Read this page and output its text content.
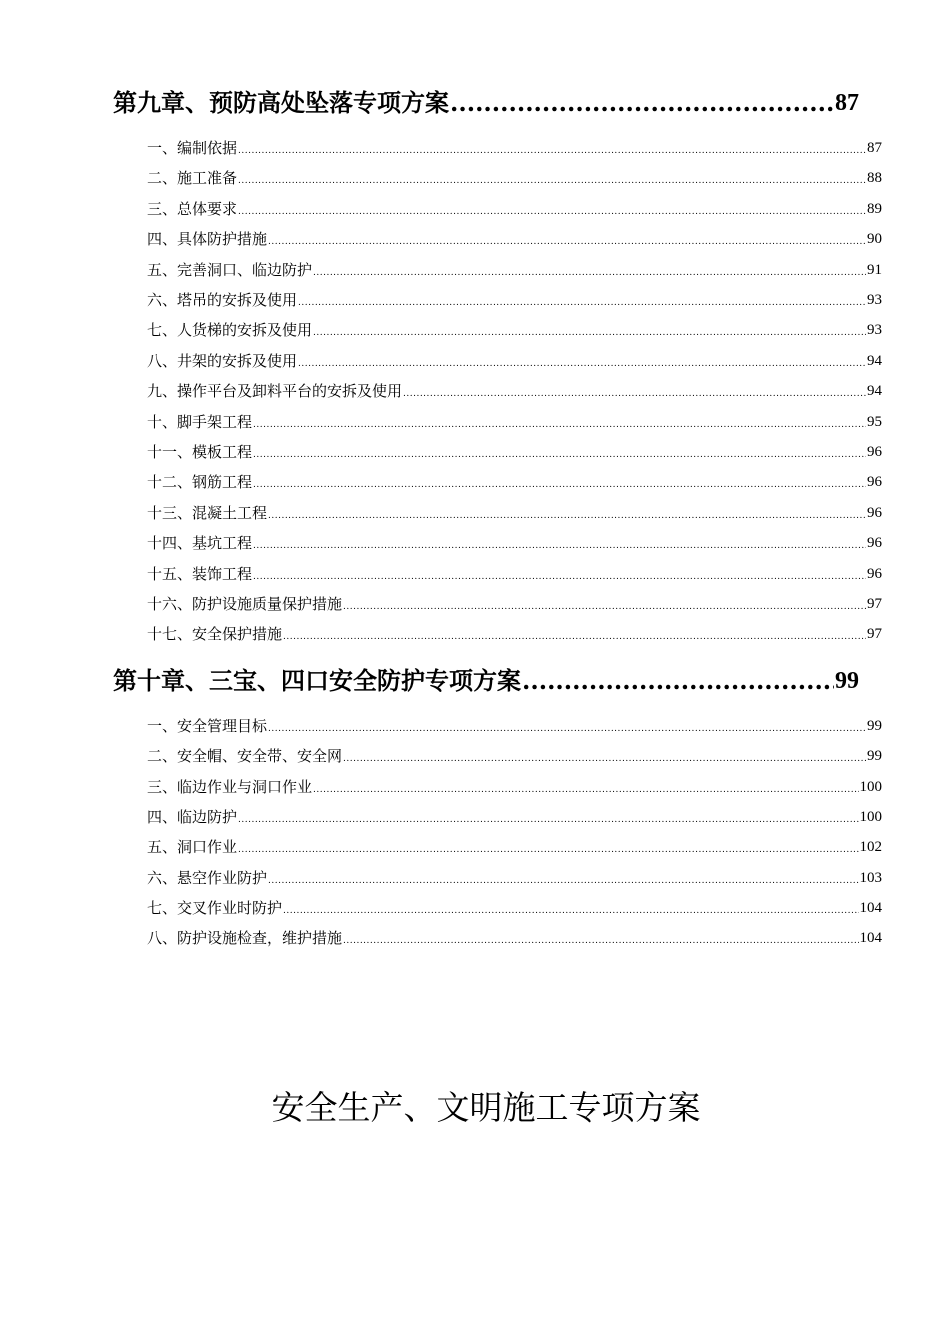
第九章、预防高处坠落专项方案 .....	87
一、编制依据 .....	87
二、施工准备 .....	88
三、总体要求 .....	89
四、具体防护措施 .....	90
五、完善洞口、临边防护 .....	91
六、塔吊的安拆及使用 .....	93
七、人货梯的安拆及使用 .....	93
八、井架的安拆及使用 .....	94
九、操作平台及卸料平台的安拆及使用 .....	94
十、脚手架工程 .....	95
十一、模板工程 .....	96
十二、钢筋工程 .....	96
十三、混凝土工程 .....	96
十四、基坑工程 .....	96
十五、装饰工程 .....	96
十六、防护设施质量保护措施 .....	97
十七、安全保护措施 .....	97
第十章、三宝、四口安全防护专项方案 .....	99
一、安全管理目标 .....	99
二、安全帽、安全带、安全网 .....	99
三、临边作业与洞口作业 .....	100
四、临边防护 .....	100
五、洞口作业 .....	102
六、悬空作业防护 .....	103
七、交叉作业时防护 .....	104
八、防护设施检查，维护措施 .....	104
安全生产、文明施工专项方案
